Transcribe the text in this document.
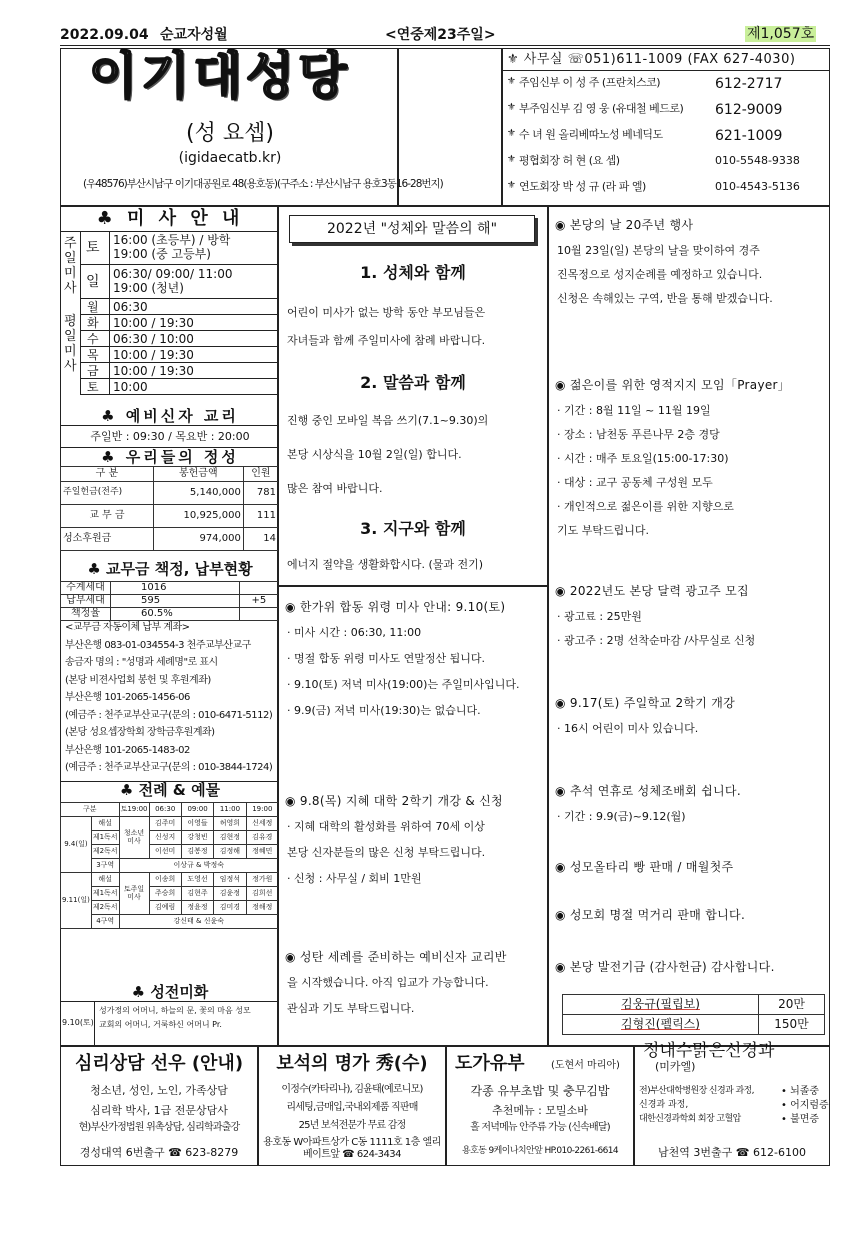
2022.09.04 순교자성월	<연중제23주일>	제1,057호
이기대성당
(성 요셉)
(igidaecatb.kr)
(우48576)부산시남구 이기대공원로 48(용호동)(구주소 : 부산시남구 용호3동16-28번지)
⚜ 사무실 ☏051)611-1009 (FAX 627-4030)
⚜ 주임신부 이 성 주 (프란치스코)	612-2717
⚜ 부주임신부 김 영 웅 (유대철 베드로) 612-9009
⚜ 수 녀 원 올리베따노성 베네딕도	621-1009
⚜ 평협회장 허 현 (요 셉)	010-5548-9338
⚜ 연도회장 박 성 규 (라 파 엘)	010-4543-5136
♣ 미 사 안 내
주일미사
토 16:00 (초등부) / 방학
19:00 (중 고등부)
일 06:30/ 09:00/ 11:00
19:00 (청년)
평일미사
월 06:30
화 10:00 / 19:30
수 06:30 / 10:00
목 10:00 / 19:30
금 10:00 / 19:30
토 10:00
♣ 예비신자 교리
주일반 : 09:30 / 목요반 : 20:00
♣ 우리들의 정성
구 분	봉헌금액	인원
주일헌금(전주)	5,140,000	781
교 무 금	10,925,000	111
성소후원금	974,000	14
♣ 교무금 책정, 납부현황
수계세대	1016	
납부세대	595	+5
책정율	60.5%	
<교무금 자동이체 납부 계좌>
부산은행 083-01-034554-3 천주교부산교구
송금자 명의 : "성명과 세례명"로 표시
(본당 비젼사업회 봉헌 및 후원계좌)
부산은행 101-2065-1456-06
(예금주 : 천주교부산교구(문의 : 010-6471-5112)
(본당 성요셉장학회 장학금후원계좌)
부산은행 101-2065-1483-02
(예금주 : 천주교부산교구(문의 : 010-3844-1724)
♣ 전례 & 예물
구분		토19:00	06:30	09:00	11:00	19:00
9.4(일)	해설	청소년 미사	김주미	이영들	허영희	신세정
	제1독서		신성지	강청빈	김현정	김유경
	제2독서		이선미	김봉정	김정해	정혜민
	3구역	이상규 & 박정숙				
9.11(일)	해설	토주일 미사	이송희	도영선	임정석	정가원
	제1독서		주승희	김현주	김윤정	김희선
	제2독서		김예림	정윤정	김미경	정해정
	4구역	강신태 & 신윤숙				
♣ 성전미화
9.10(토)
성가정의 어머니, 하늘의 문, 꽃의 마음 성모
교회의 어머니, 거룩하신 어머니 Pr.
2022년 "성체와 말씀의 해"
1. 성체와 함께
어린이 미사가 없는 방학 동안 부모님들은
자녀들과 함께 주일미사에 참례 바랍니다.
2. 말씀과 함께
진행 중인 모바일 복음 쓰기(7.1~9.30)의
본당 시상식을 10월 2일(일) 합니다.
많은 참여 바랍니다.
3. 지구와 함께
에너지 절약을 생활화합시다. (물과 전기)
◉ 한가위 합동 위령 미사 안내: 9.10(토)
· 미사 시간 : 06:30, 11:00
· 명절 합동 위령 미사도 연말정산 됩니다.
· 9.10(토) 저녁 미사(19:00)는 주일미사입니다.
· 9.9(금) 저녁 미사(19:30)는 없습니다.
◉ 9.8(목) 지혜 대학 2학기 개강 & 신청
· 지혜 대학의 활성화를 위하여 70세 이상
본당 신자분들의 많은 신청 부탁드립니다.
· 신청 : 사무실 / 회비 1만원
◉ 성탄 세례를 준비하는 예비신자 교리반
을 시작했습니다. 아직 입교가 가능합니다.
관심과 기도 부탁드립니다.
◉ 본당의 날 20주년 행사
10월 23일(일) 본당의 날을 맞이하여 경주
진목정으로 성지순례를 예정하고 있습니다.
신청은 속해있는 구역, 반을 통해 받겠습니다.
◉ 젊은이를 위한 영적지지 모임「Prayer」
· 기간 : 8월 11일 ~ 11월 19일
· 장소 : 남천동 푸른나무 2층 경당
· 시간 : 매주 토요일(15:00-17:30)
· 대상 : 교구 공동체 구성원 모두
· 개인적으로 젊은이를 위한 지향으로
기도 부탁드립니다.
◉ 2022년도 본당 달력 광고주 모집
· 광고료 : 25만원
· 광고주 : 2명 선착순마감 /사무실로 신청
◉ 9.17(토) 주일학교 2학기 개강
· 16시 어린이 미사 있습니다.
◉ 추석 연휴로 성체조배회 쉽니다.
· 기간 : 9.9(금)~9.12(월)
◉ 성모올타리 빵 판매 / 매월첫주
◉ 성모회 명절 먹거리 판매 합니다.
◉ 본당 발전기금 (감사헌금) 감사합니다.
김웅규(필립보)	20만
김형진(펠릭스)	150만
심리상담 선우 (안내)
청소년, 성인, 노인, 가족상담
심리학 박사, 1급 전문상담사
현)부산가정법원 위촉상담, 심리학과출강
경성대역 6번출구 ☎ 623-8279
보석의 명가 秀(수)
이정수(카타리나), 김윤태(예로니모)
리세팅,금매입,국내외제품 직판매
25년 보석전문가 무료 감정
용호동 W아파트상가 C동 1111호 1층 엘리베이트앞 ☎ 624-3434
도가유부	(도현서 마리아)
각종 유부초밥 및 충무김밥
추천메뉴 : 모밀소바
홀 저녁메뉴 안주류 가능 (신속배달)
용호동 9케이나치안앞 HP.010-2261-6614
정내수맑은신경과
(미카엘)
전)부산대학병원장 신경과 과정,
신경과 과정,
대한신경과학회 회장 고혈압
• 뇌졸중
• 어지럼증
• 불면증
남천역 3번출구 ☎ 612-6100
